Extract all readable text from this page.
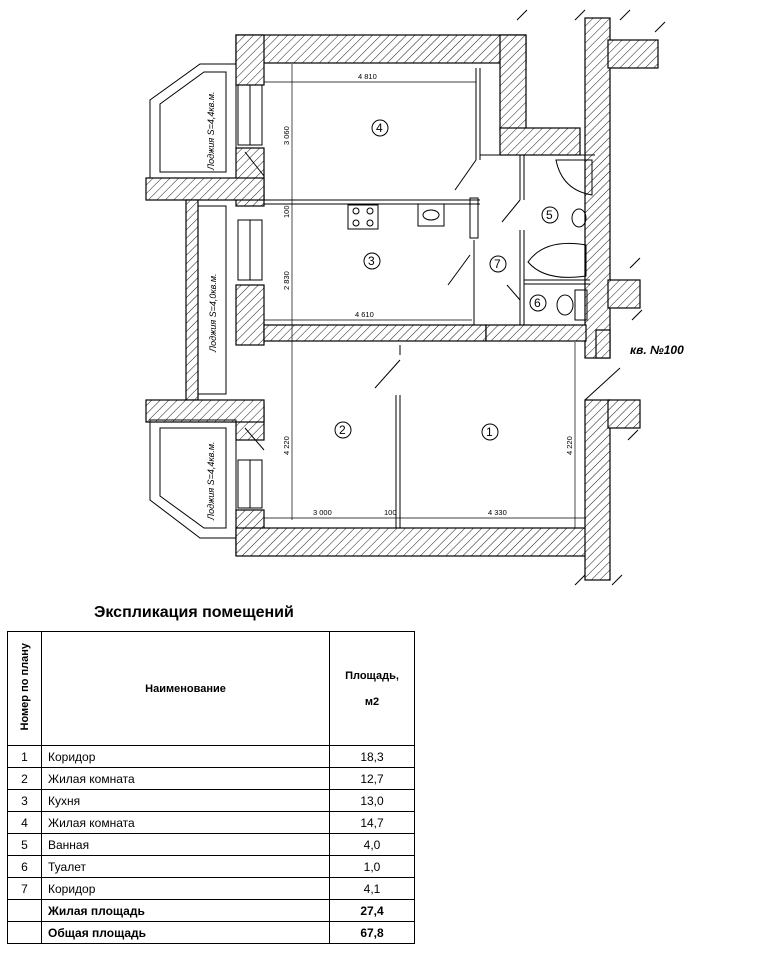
4 810
3 060
100
2 830
4 610
4 220	4 220
3 000	100	4 330
1
2
3
4
5
6
7
Лоджия S=4,4кв.м.
Лоджия S=4,0кв.м.
Лоджия S=4,4кв.м.
кв. №100
Экспликация помещений
Номер по плану	Наименование	Площадь,
м2

1	Коридор	18,3
2	Жилая комната	12,7
3	Кухня	13,0
4	Жилая комната	14,7
5	Ванная	4,0
6	Туалет	1,0
7	Коридор	4,1
	Жилая площадь	27,4
	Общая площадь	67,8
